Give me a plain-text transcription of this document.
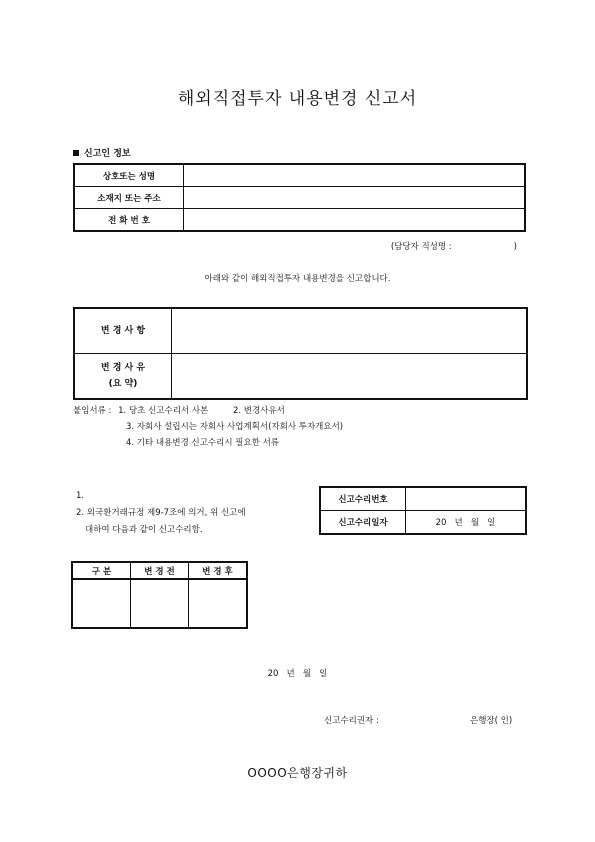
해외직접투자 내용변경 신고서
신고인 정보
상호또는 성명	
소재지 또는 주소	
전 화 번 호	
(담당자 직성명 :	)
아래와 같이 해외직접투자 내용변경을 신고합니다.
변 경 사 항	

변 경 사 유
(요 약)	

붙임서류 : 1. 당초 신고수리서 사본	2. 변경사유서
3. 자회사 설립시는 자회사 사업계획서(자회사 투자개요서)
4. 기타 내용변경 신고수리시 필요한 서류
1.
2. 외국환거래규정 제9-7조에 의거, 위 신고에
대하여 다음과 같이 신고수리함.
신고수리번호	
신고수리일자	20   년   월   일
구 분	변 경 전	변 경 후

20   년   월   일
신고수리권자 :	은행장( 인)
OOOO은행장귀하
